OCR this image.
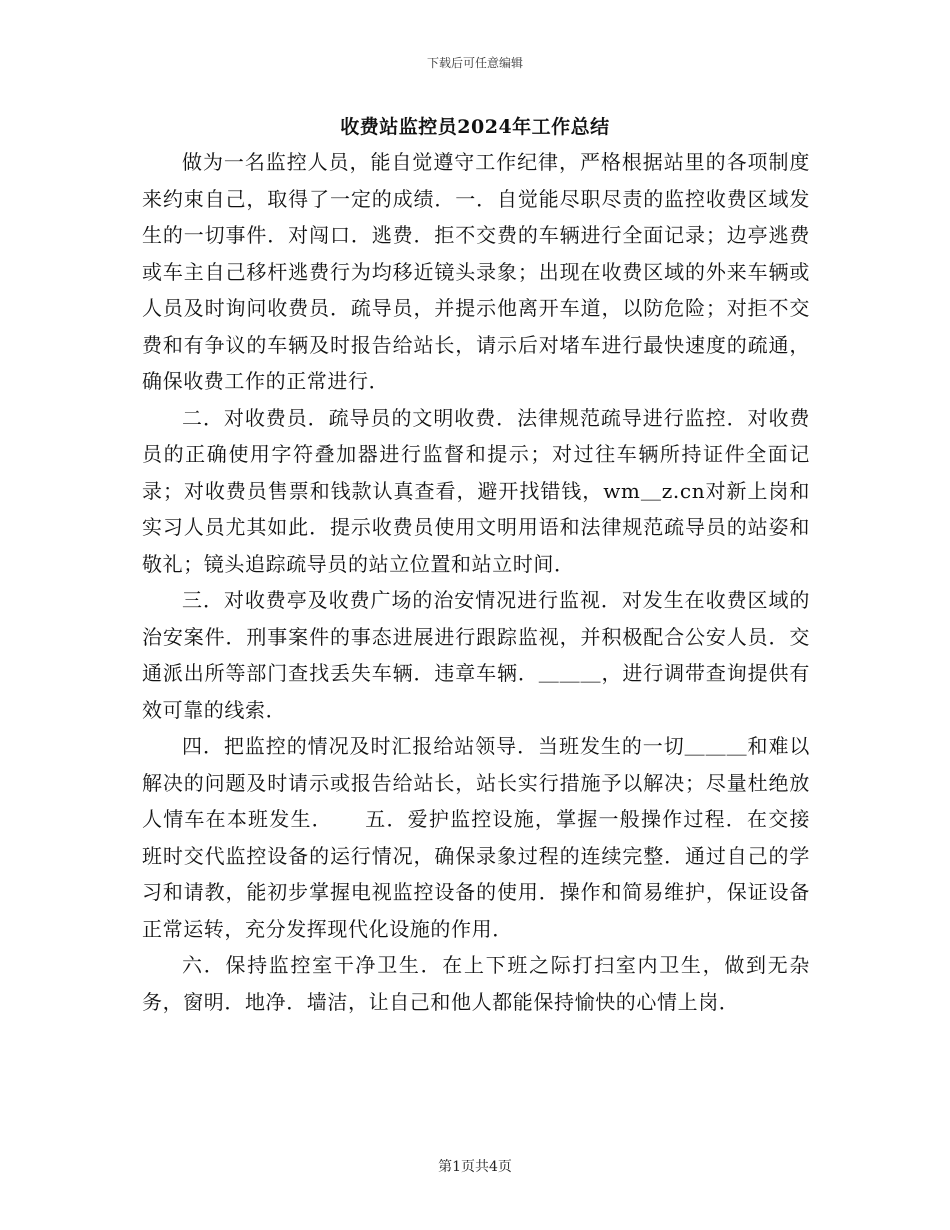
下载后可任意编辑
收费站监控员2024年工作总结

做为一名监控人员，能自觉遵守工作纪律，严格根据站里的各项制度来约束自己，取得了一定的成绩．一．自觉能尽职尽责的监控收费区域发生的一切事件．对闯口．逃费．拒不交费的车辆进行全面记录；边亭逃费或车主自己移杆逃费行为均移近镜头录象；出现在收费区域的外来车辆或人员及时询问收费员．疏导员，并提示他离开车道，以防危险；对拒不交费和有争议的车辆及时报告给站长，请示后对堵车进行最快速度的疏通，确保收费工作的正常进行．

二．对收费员．疏导员的文明收费．法律规范疏导进行监控．对收费员的正确使用字符叠加器进行监督和提示；对过往车辆所持证件全面记录；对收费员售票和钱款认真查看，避开找错钱，wm＿z.cn对新上岗和实习人员尤其如此．提示收费员使用文明用语和法律规范疏导员的站姿和敬礼；镜头追踪疏导员的站立位置和站立时间．

三．对收费亭及收费广场的治安情况进行监视．对发生在收费区域的治安案件．刑事案件的事态进展进行跟踪监视，并积极配合公安人员．交通派出所等部门查找丢失车辆．违章车辆．＿＿＿，进行调带查询提供有效可靠的线索．

四．把监控的情况及时汇报给站领导．当班发生的一切＿＿＿和难以解决的问题及时请示或报告给站长，站长实行措施予以解决；尽量杜绝放人情车在本班发生．　　五．爱护监控设施，掌握一般操作过程．在交接班时交代监控设备的运行情况，确保录象过程的连续完整．通过自己的学习和请教，能初步掌握电视监控设备的使用．操作和简易维护，保证设备正常运转，充分发挥现代化设施的作用．

六．保持监控室干净卫生．在上下班之际打扫室内卫生，做到无杂务，窗明．地净．墙洁，让自己和他人都能保持愉快的心情上岗．

第1页共4页
